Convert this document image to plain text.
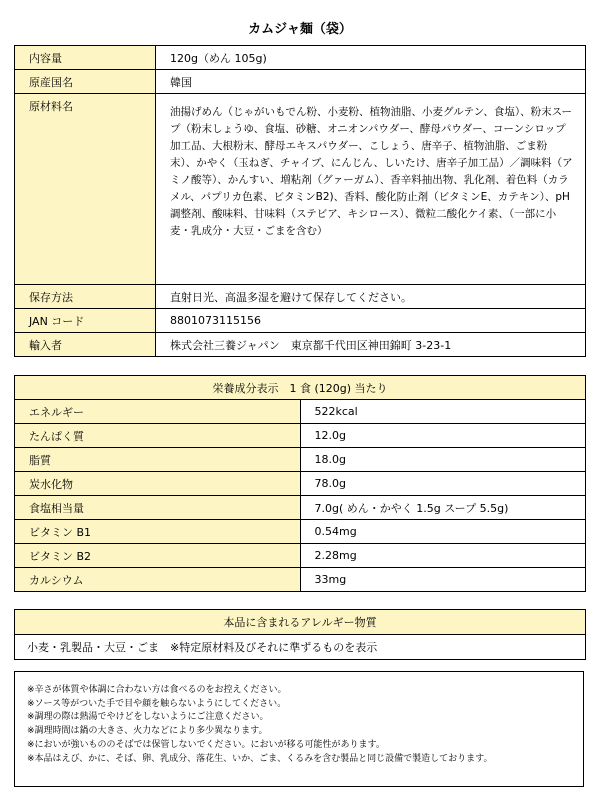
カムジャ麺（袋）
内容量	120g（めん 105g)
原産国名	韓国
原材料名	油揚げめん（じゃがいもでん粉、小麦粉、植物油脂、小麦グルテン、食塩）、粉末スープ（粉末しょうゆ、食塩、砂糖、オニオンパウダー、酵母パウダー、コーンシロップ加工品、大根粉末、酵母エキスパウダー、こしょう、唐辛子、植物油脂、ごま粉末）、かやく（玉ねぎ、チャイブ、にんじん、しいたけ、唐辛子加工品）／調味料（アミノ酸等）、かんすい、増粘剤（グァーガム）、香辛料抽出物、乳化剤、着色料（カラメル、パプリカ色素、ビタミンB2)、香料、酸化防止剤（ビタミンE、カテキン）、pH調整剤、酸味料、甘味料（ステビア、キシロース）、微粒二酸化ケイ素、（一部に小麦・乳成分・大豆・ごまを含む）
保存方法	直射日光、高温多湿を避けて保存してください。
JAN コード	8801073115156
輸入者	株式会社三養ジャパン　東京都千代田区神田錦町 3-23-1
栄養成分表示　1 食 (120g) 当たり	
エネルギー	522kcal
たんぱく質	12.0g
脂質	18.0g
炭水化物	78.0g
食塩相当量	7.0g( めん・かやく 1.5g スープ 5.5g)
ビタミン B1	0.54mg
ビタミン B2	2.28mg
カルシウム	33mg
本品に含まれるアレルギー物質
小麦・乳製品・大豆・ごま　※特定原材料及びそれに準ずるものを表示
※辛さが体質や体調に合わない方は食べるのをお控えください。
※ソース等がついた手で目や顔を触らないようにしてください。
※調理の際は熱湯でやけどをしないようにご注意ください。
※調理時間は鍋の大きさ、火力などにより多少異なります。
※においが強いもののそばでは保管しないでください。においが移る可能性があります。
※本品はえび、かに、そば、卵、乳成分、落花生、いか、ごま、くるみを含む製品と同じ設備で製造しております。
